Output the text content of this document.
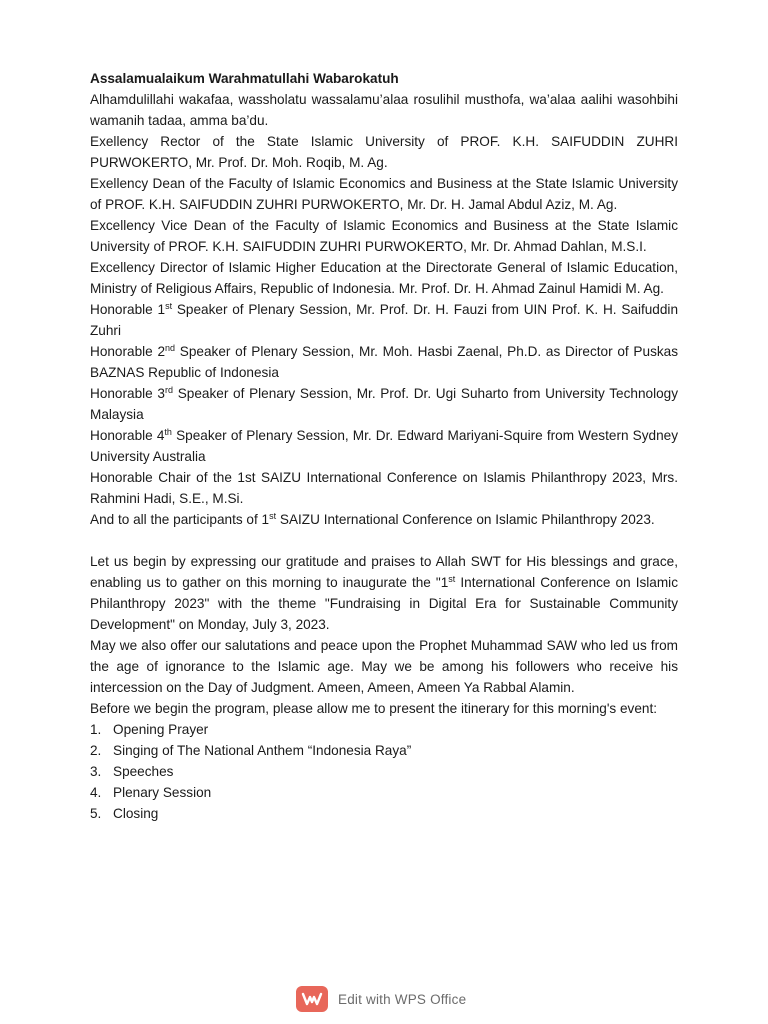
Assalamualaikum Warahmatullahi Wabarokatuh

Alhamdulillahi wakafaa, wassholatu wassalamu’alaa rosulihil musthofa, wa’alaa aalihi wasohbihi wamanih tadaa, amma ba’du.

Exellency Rector of the State Islamic University of PROF. K.H. SAIFUDDIN ZUHRI PURWOKERTO, Mr. Prof. Dr. Moh. Roqib, M. Ag.

Exellency Dean of the Faculty of Islamic Economics and Business at the State Islamic University of PROF. K.H. SAIFUDDIN ZUHRI PURWOKERTO, Mr. Dr. H. Jamal Abdul Aziz, M. Ag.

Excellency Vice Dean of the Faculty of Islamic Economics and Business at the State Islamic University of PROF. K.H. SAIFUDDIN ZUHRI PURWOKERTO, Mr. Dr. Ahmad Dahlan, M.S.I.

Excellency Director of Islamic Higher Education at the Directorate General of Islamic Education, Ministry of Religious Affairs, Republic of Indonesia. Mr. Prof. Dr. H. Ahmad Zainul Hamidi M. Ag.

Honorable 1st Speaker of Plenary Session, Mr. Prof. Dr. H. Fauzi from UIN Prof. K. H. Saifuddin Zuhri

Honorable 2nd Speaker of Plenary Session, Mr. Moh. Hasbi Zaenal, Ph.D. as Director of Puskas BAZNAS Republic of Indonesia

Honorable 3rd Speaker of Plenary Session, Mr. Prof. Dr. Ugi Suharto from University Technology Malaysia

Honorable 4th Speaker of Plenary Session, Mr. Dr. Edward Mariyani-Squire from Western Sydney University Australia

Honorable Chair of the 1st SAIZU International Conference on Islamis Philanthropy 2023, Mrs. Rahmini Hadi, S.E., M.Si.

And to all the participants of 1st SAIZU International Conference on Islamic Philanthropy 2023.

Let us begin by expressing our gratitude and praises to Allah SWT for His blessings and grace, enabling us to gather on this morning to inaugurate the "1st International Conference on Islamic Philanthropy 2023" with the theme "Fundraising in Digital Era for Sustainable Community Development" on Monday, July 3, 2023.

May we also offer our salutations and peace upon the Prophet Muhammad SAW who led us from the age of ignorance to the Islamic age. May we be among his followers who receive his intercession on the Day of Judgment. Ameen, Ameen, Ameen Ya Rabbal Alamin.

Before we begin the program, please allow me to present the itinerary for this morning's event:

1. Opening Prayer
2. Singing of The National Anthem “Indonesia Raya”
3. Speeches
4. Plenary Session
5. Closing
Edit with WPS Office
